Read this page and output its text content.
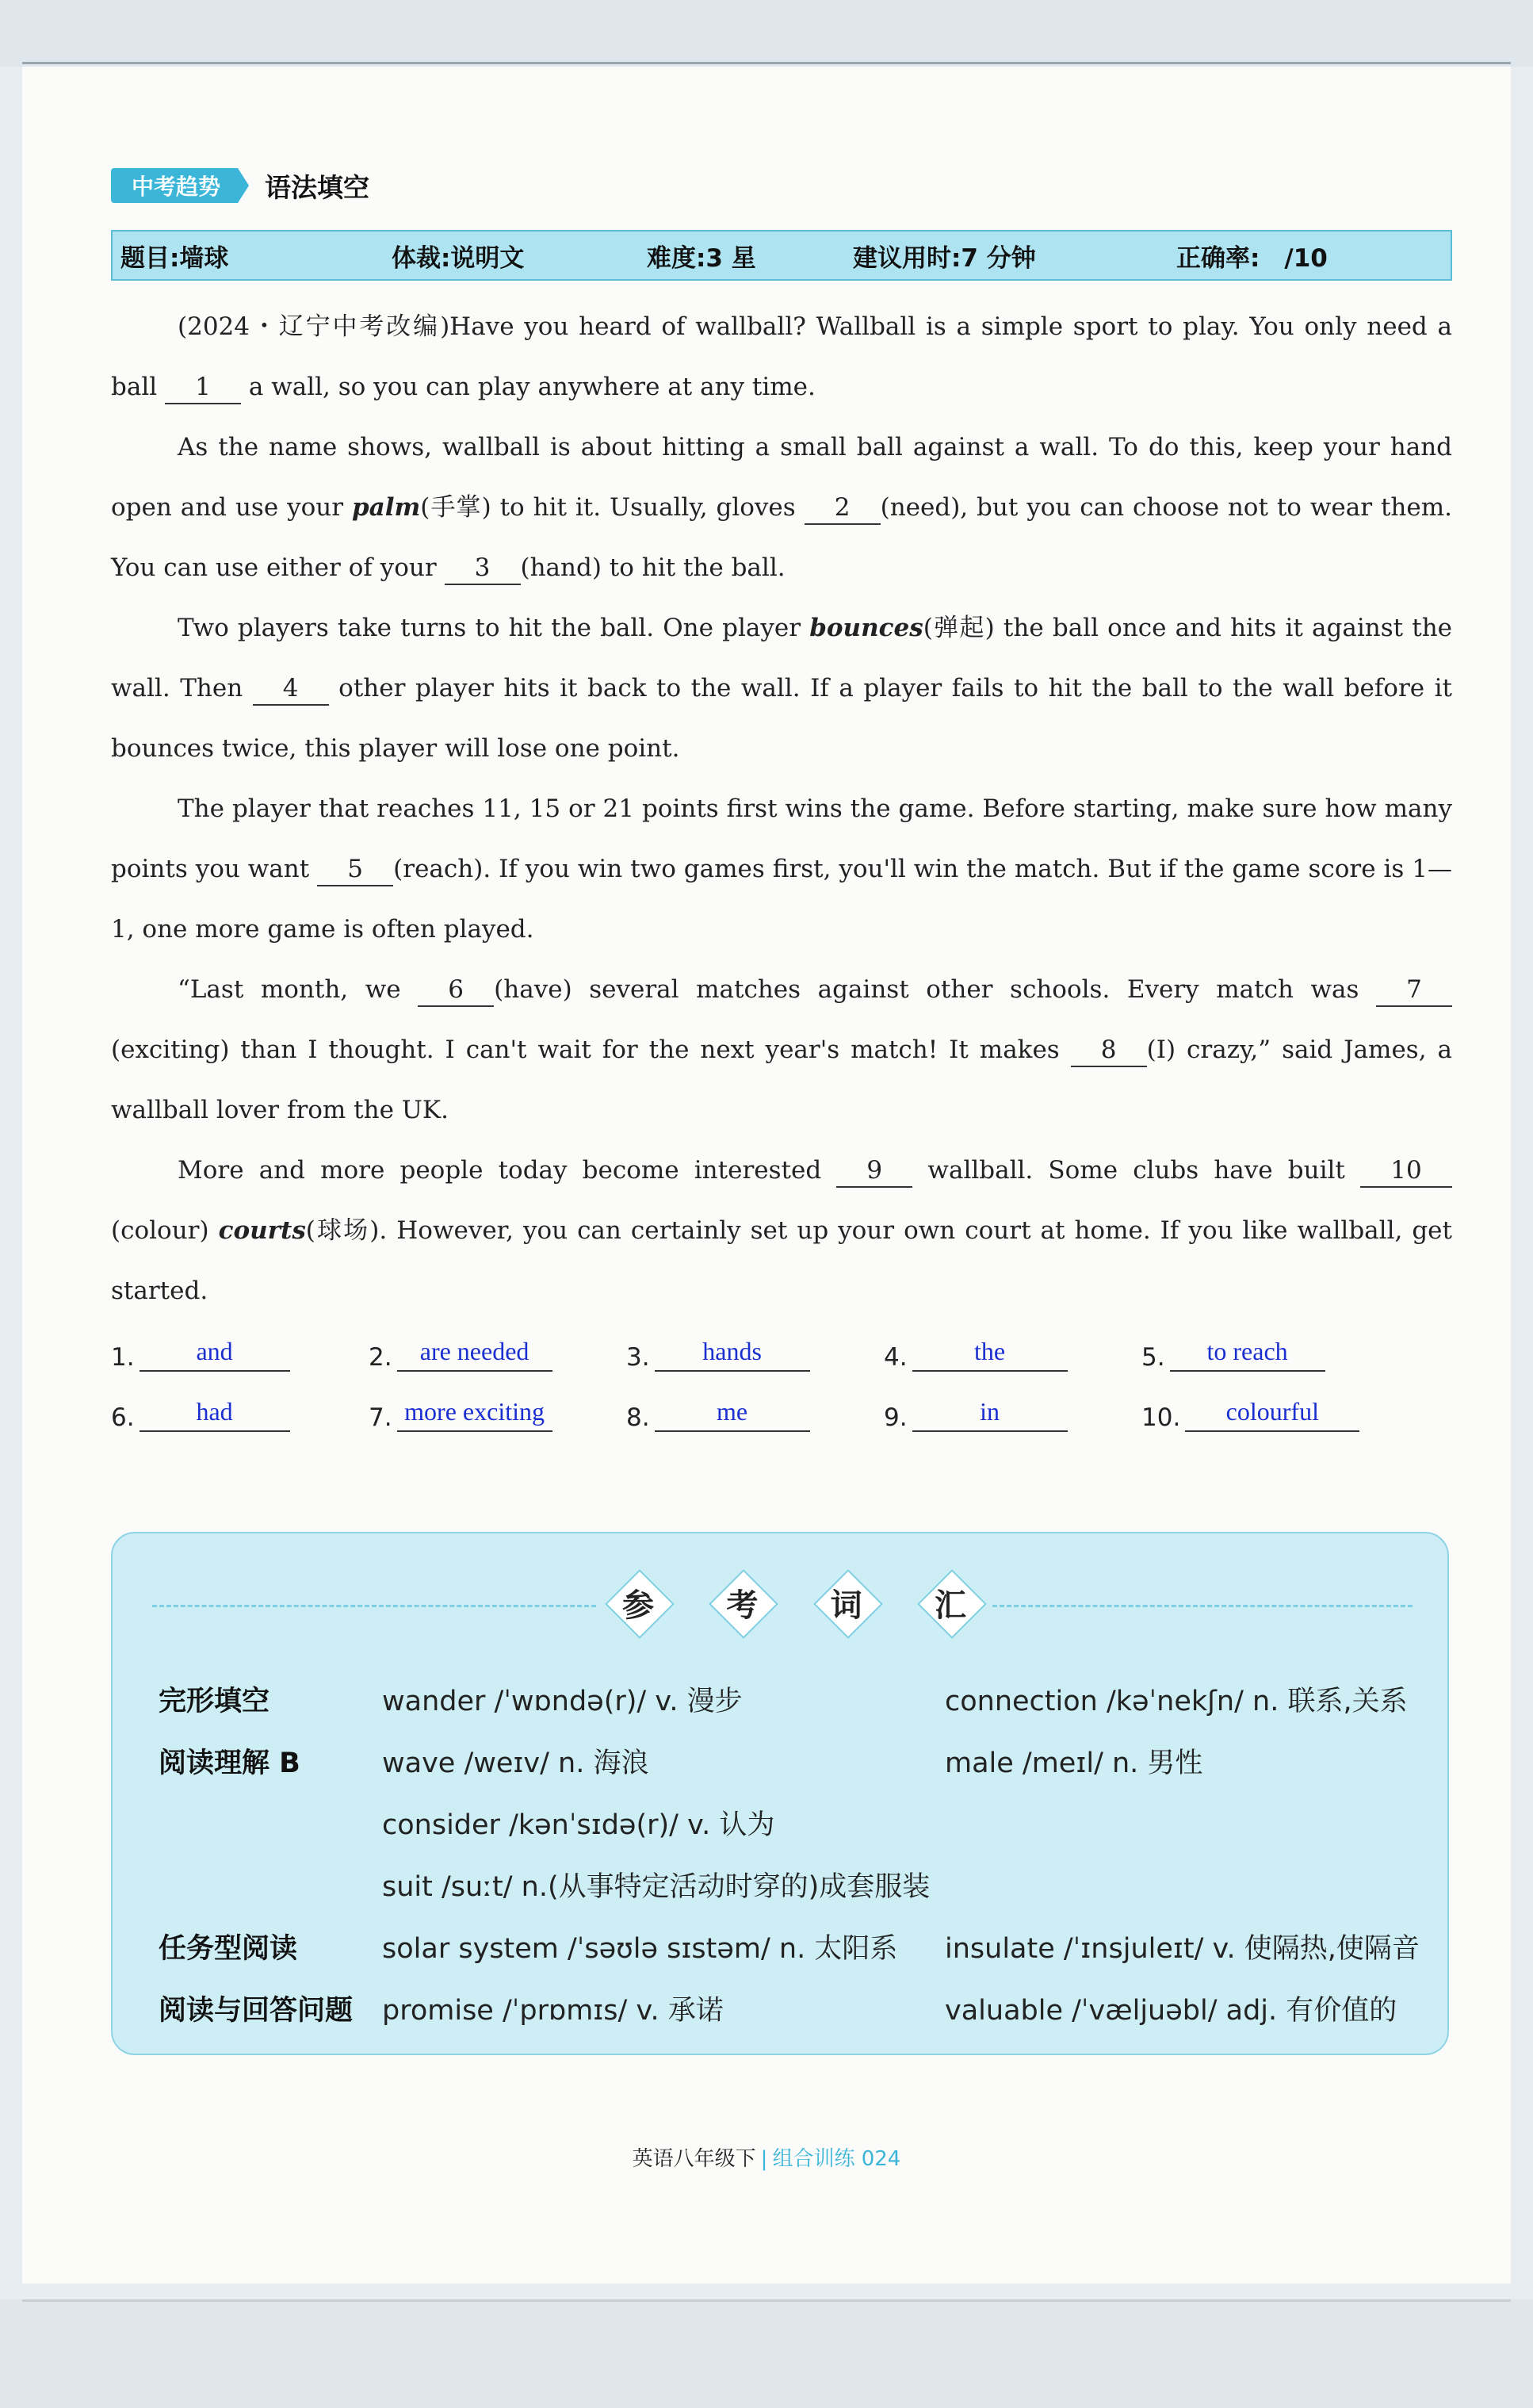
中考趋势	语法填空
题目:墙球	体裁:说明文	难度:3 星	建议用时:7 分钟	正确率:　/10

(2024・辽宁中考改编)Have you heard of wallball? Wallball is a simple sport to play. You only need a ball 1 a wall, so you can play anywhere at any time.

As the name shows, wallball is about hitting a small ball against a wall. To do this, keep your hand open and use your palm(手掌) to hit it. Usually, gloves 2 (need), but you can choose not to wear them. You can use either of your 3 (hand) to hit the ball.

Two players take turns to hit the ball. One player bounces(弹起) the ball once and hits it against the wall. Then 4 other player hits it back to the wall. If a player fails to hit the ball to the wall before it bounces twice, this player will lose one point.

The player that reaches 11, 15 or 21 points first wins the game. Before starting, make sure how many points you want 5 (reach). If you win two games first, you'll win the match. But if the game score is 1—1, one more game is often played.

“Last month, we 6 (have) several matches against other schools. Every match was 7(exciting) than I thought. I can't wait for the next year's match! It makes 8 (I) crazy,” said James, a wallball lover from the UK.

More and more people today become interested 9 wallball. Some clubs have built 10(colour) courts(球场). However, you can certainly set up your own court at home. If you like wallball, get started.

1.	and	2.	are needed	3.	hands	4.	the	5.	to reach
6.	had	7. more exciting	8.	me	9.	in	10.	colourful
参	考	词	汇
完形填空	wander /ˈwɒndə(r)/ v. 漫步	connection /kəˈnekʃn/ n. 联系,关系
阅读理解 B	wave /weɪv/ n. 海浪	male /meɪl/ n. 男性
consider /kənˈsɪdə(r)/ v. 认为
suit /suːt/ n.(从事特定活动时穿的)成套服装
任务型阅读	solar system /ˈsəʊlə sɪstəm/ n. 太阳系 insulate /ˈɪnsjuleɪt/ v. 使隔热,使隔音
阅读与回答问题 promise /ˈprɒmɪs/ v. 承诺	valuable /ˈvæljuəbl/ adj. 有价值的
英语八年级下 | 组合训练 024
